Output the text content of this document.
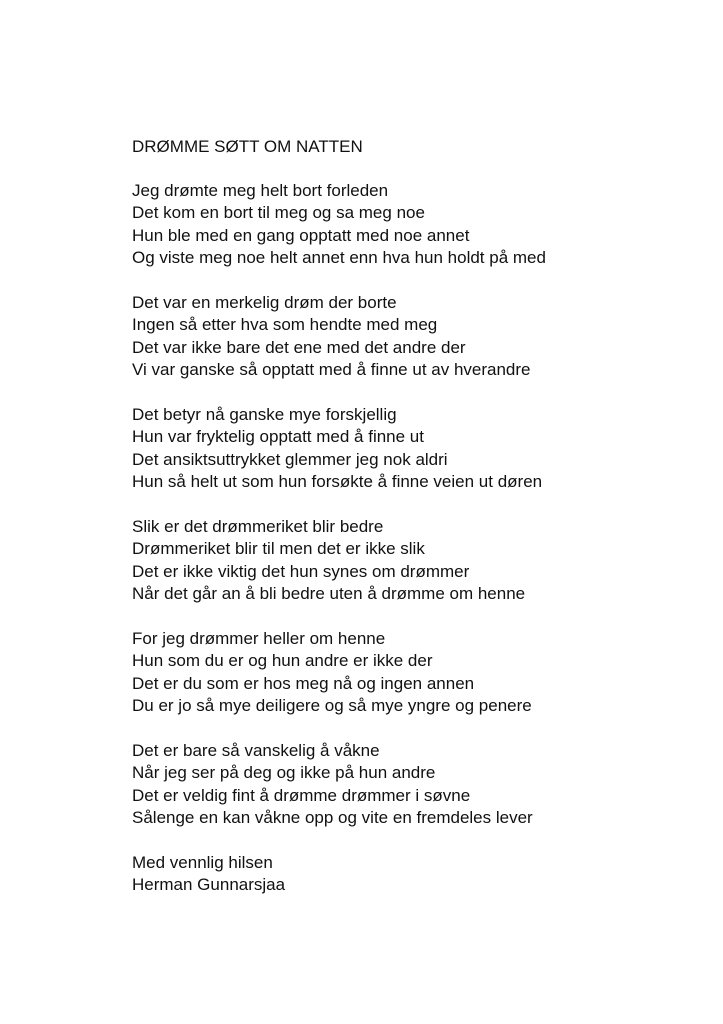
DRØMME SØTT OM NATTEN
Jeg drømte meg helt bort forleden
Det kom en bort til meg og sa meg noe
Hun ble med en gang opptatt med noe annet
Og viste meg noe helt annet enn hva hun holdt på med
Det var en merkelig drøm der borte
Ingen så etter hva som hendte med meg
Det var ikke bare det ene med det andre der
Vi var ganske så opptatt med å finne ut av hverandre
Det betyr nå ganske mye forskjellig
Hun var fryktelig opptatt med å finne ut
Det ansiktsuttrykket glemmer jeg nok aldri
Hun så helt ut som hun forsøkte å finne veien ut døren
Slik er det drømmeriket blir bedre
Drømmeriket blir til men det er ikke slik
Det er ikke viktig det hun synes om drømmer
Når det går an å bli bedre uten å drømme om henne
For jeg drømmer heller om henne
Hun som du er og hun andre er ikke der
Det er du som er hos meg nå og ingen annen
Du er jo så mye deiligere og så mye yngre og penere
Det er bare så vanskelig å våkne
Når jeg ser på deg og ikke på hun andre
Det er veldig fint å drømme drømmer i søvne
Sålenge en kan våkne opp og vite en fremdeles lever
Med vennlig hilsen
Herman Gunnarsjaa
